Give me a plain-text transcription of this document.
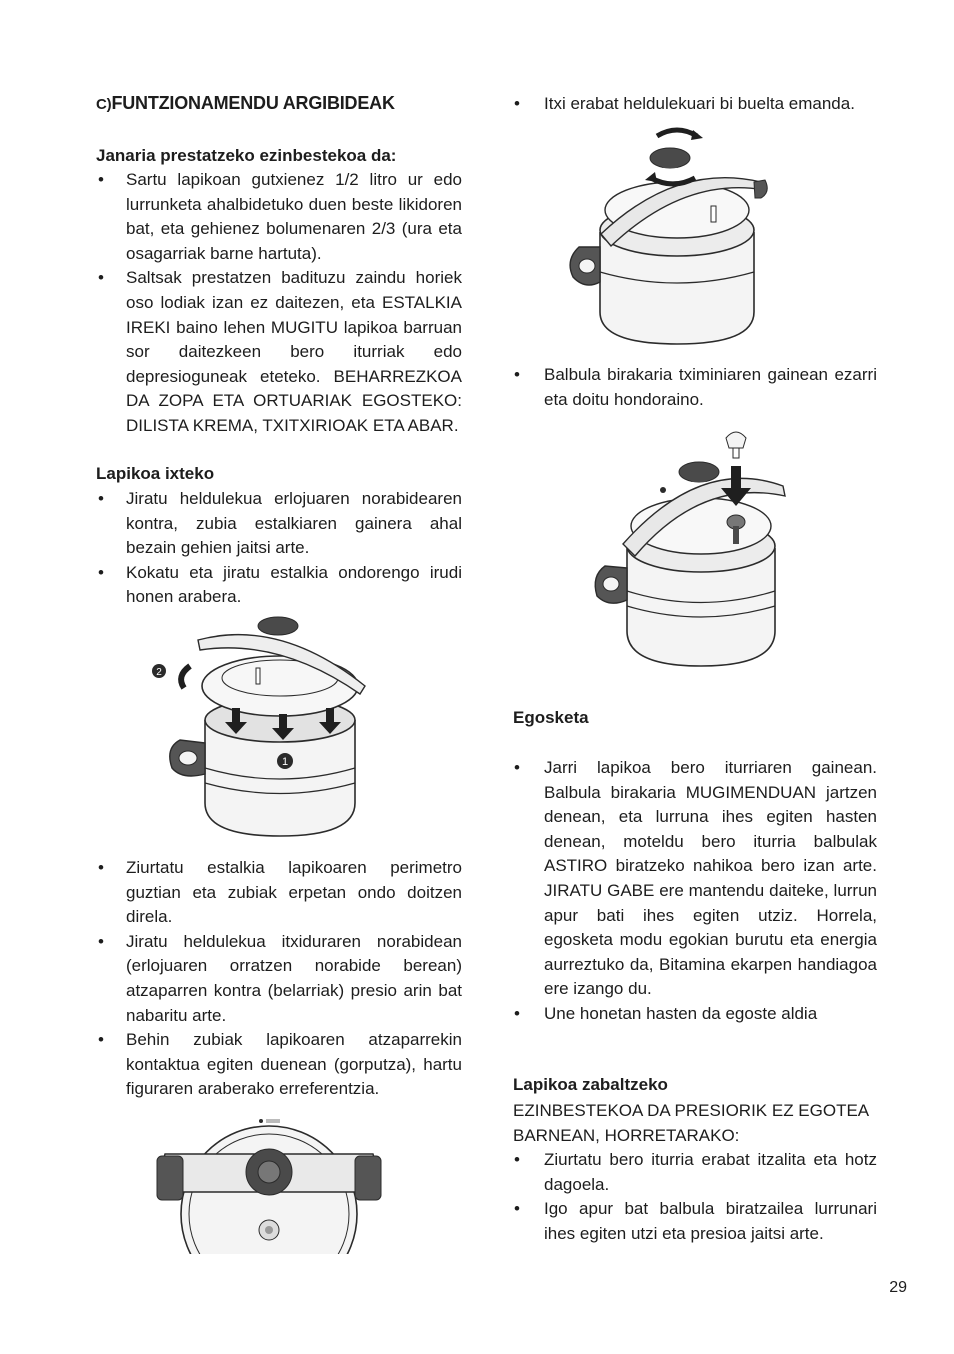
C)FUNTZIONAMENDU ARGIBIDEAK
Janaria prestatzeko ezinbestekoa da:
• Sartu lapikoan gutxienez 1/2 litro ur edo lurrunketa ahalbidetuko duen beste likidoren bat, eta gehienez bolumenaren 2/3 (ura eta osagarriak barne hartuta).
• Saltsak prestatzen badituzu zaindu horiek oso lodiak izan ez daitezen, eta ESTALKIA IREKI baino lehen MUGITU lapikoa barruan sor daitezkeen bero iturriak edo depresioguneak eteteko. BEHARREZKOA DA ZOPA ETA ORTUARIAK EGOSTEKO: DILISTA KREMA, TXITXIRIOAK ETA ABAR.
Lapikoa ixteko
• Jiratu heldulekua erlojuaren norabidearen kontra, zubia estalkiaren gainera ahal bezain gehien jaitsi arte.
• Kokatu eta jiratu estalkia ondorengo irudi honen arabera.
• Ziurtatu estalkia lapikoaren perimetro guztian eta zubiak erpetan ondo doitzen direla.
• Jiratu heldulekua itxiduraren norabidean (erlojuaren orratzen norabide berean) atzaparren kontra (belarriak) presio arin bat nabaritu arte.
• Behin zubiak lapikoaren atzaparrekin kontaktua egiten duenean (gorputza), hartu figuraren araberako erreferentzia.
2
1
• Itxi erabat heldulekuari bi buelta emanda.
• Balbula birakaria tximiniaren gainean ezarri eta doitu hondoraino.
Egosketa
• Jarri lapikoa bero iturriaren gainean. Balbula birakaria MUGIMENDUAN jartzen denean, eta lurruna ihes egiten hasten denean, moteldu bero iturria balbulak ASTIRO biratzeko nahikoa bero izan arte. JIRATU GABE ere mantendu daiteke, lurrun apur bati ihes egiten utziz. Horrela, egosketa modu egokian burutu eta energia aurreztuko da, Bitamina ekarpen handiagoa ere izango du.
• Une honetan hasten da egoste aldia
Lapikoa zabaltzeko
EZINBESTEKOA DA PRESIORIK EZ EGOTEA BARNEAN, HORRETARAKO:
• Ziurtatu bero iturria erabat itzalita eta hotz dagoela.
• Igo apur bat balbula biratzailea lurrunari ihes egiten utzi eta presioa jaitsi arte.
29
